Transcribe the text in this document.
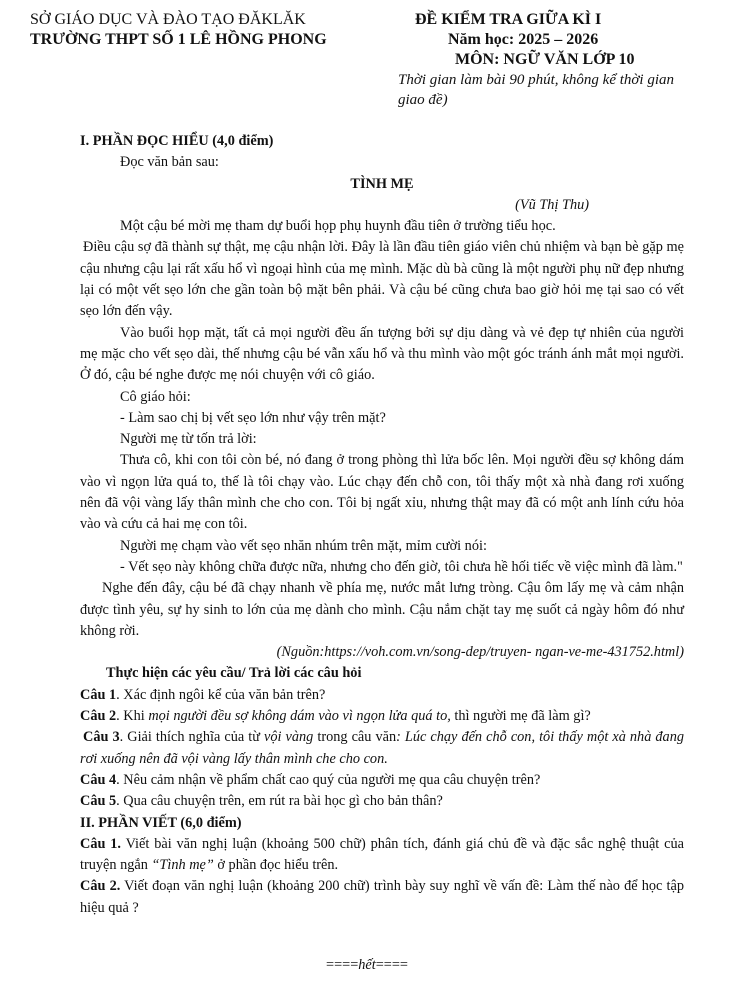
SỞ GIÁO DỤC VÀ ĐÀO TẠO ĐĂKLĂK
TRƯỜNG THPT SỐ 1 LÊ HỒNG PHONG
ĐỀ KIỂM TRA GIỮA KÌ I
Năm học: 2025 – 2026
MÔN: NGỮ VĂN LỚP 10
Thời gian làm bài 90 phút, không kể thời gian
giao đề)

I. PHẦN ĐỌC HIỂU (4,0 điểm)

Đọc văn bản sau:

TÌNH MẸ

(Vũ Thị Thu)

Một cậu bé mời mẹ tham dự buổi họp phụ huynh đầu tiên ở trường tiểu học.

Điều cậu sợ đã thành sự thật, mẹ cậu nhận lời. Đây là lần đầu tiên giáo viên chủ nhiệm và bạn bè gặp mẹ cậu nhưng cậu lại rất xấu hổ vì ngoại hình của mẹ mình. Mặc dù bà cũng là một người phụ nữ đẹp nhưng lại có một vết sẹo lớn che gần toàn bộ mặt bên phải. Và cậu bé cũng chưa bao giờ hỏi mẹ tại sao có vết sẹo lớn đến vậy.

Vào buổi họp mặt, tất cả mọi người đều ấn tượng bởi sự dịu dàng và vẻ đẹp tự nhiên của người mẹ mặc cho vết sẹo dài, thế nhưng cậu bé vẫn xấu hổ và thu mình vào một góc tránh ánh mắt mọi người. Ở đó, cậu bé nghe được mẹ nói chuyện với cô giáo.

Cô giáo hỏi:

- Làm sao chị bị vết sẹo lớn như vậy trên mặt?

Người mẹ từ tốn trả lời:

Thưa cô, khi con tôi còn bé, nó đang ở trong phòng thì lửa bốc lên. Mọi người đều sợ không dám vào vì ngọn lửa quá to, thế là tôi chạy vào. Lúc chạy đến chỗ con, tôi thấy một xà nhà đang rơi xuống nên đã vội vàng lấy thân mình che cho con. Tôi bị ngất xỉu, nhưng thật may đã có một anh lính cứu hỏa vào và cứu cả hai mẹ con tôi.

Người mẹ chạm vào vết sẹo nhăn nhúm trên mặt, mỉm cười nói:

- Vết sẹo này không chữa được nữa, nhưng cho đến giờ, tôi chưa hề hối tiếc về việc mình đã làm."

Nghe đến đây, cậu bé đã chạy nhanh về phía mẹ, nước mắt lưng tròng. Cậu ôm lấy mẹ và cảm nhận được tình yêu, sự hy sinh to lớn của mẹ dành cho mình. Cậu nắm chặt tay mẹ suốt cả ngày hôm đó như không rời.

(Nguồn:https://voh.com.vn/song-dep/truyen- ngan-ve-me-431752.html)

Thực hiện các yêu cầu/ Trả lời các câu hỏi

Câu 1. Xác định ngôi kể của văn bản trên?

Câu 2. Khi mọi người đều sợ không dám vào vì ngọn lửa quá to, thì người mẹ đã làm gì?

Câu 3. Giải thích nghĩa của từ vội vàng trong câu văn: Lúc chạy đến chỗ con, tôi thấy một xà nhà đang rơi xuống nên đã vội vàng lấy thân mình che cho con.

Câu 4. Nêu cảm nhận về phẩm chất cao quý của người mẹ qua câu chuyện trên?

Câu 5. Qua câu chuyện trên, em rút ra bài học gì cho bản thân?

II. PHẦN VIẾT (6,0 điểm)

Câu 1. Viết bài văn nghị luận (khoảng 500 chữ) phân tích, đánh giá chủ đề và đặc sắc nghệ thuật của truyện ngắn “Tình mẹ” ở phần đọc hiểu trên.

Câu 2. Viết đoạn văn nghị luận (khoảng 200 chữ) trình bày suy nghĩ về vấn đề: Làm thế nào để học tập hiệu quả ?

====hết====
